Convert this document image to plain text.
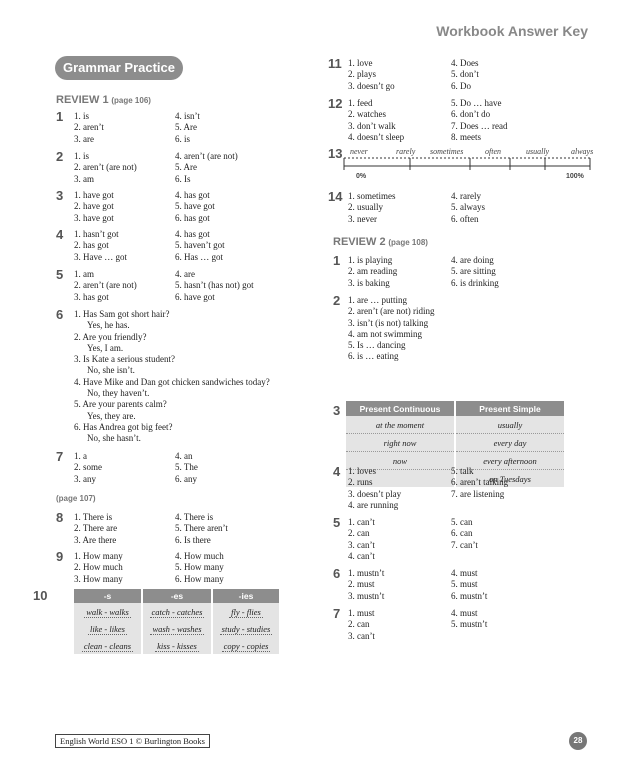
Workbook Answer Key
Grammar Practice
REVIEW 1 (page 106)
1 1. is
2. aren’t
3. are
4. isn’t
5. Are
6. is
2 1. is
2. aren’t (are not)
3. am
4. aren’t (are not)
5. Are
6. Is
3 1. have got
2. have got
3. have got
4. has got
5. have got
6. has got
4 1. hasn’t got
2. has got
3. Have … got
4. has got
5. haven’t got
6. Has … got
5 1. am
2. aren’t (are not)
3. has got
4. are
5. hasn’t (has not) got
6. have got
6 1. Has Sam got short hair?
Yes, he has.
2. Are you friendly?
Yes, I am.
3. Is Kate a serious student?
No, she isn’t.
4. Have Mike and Dan got chicken sandwiches today?
No, they haven’t.
5. Are your parents calm?
Yes, they are.
6. Has Andrea got big feet?
No, she hasn’t.
7 1. a
2. some
3. any
4. an
5. The
6. any
(page 107)
8 1. There is
2. There are
3. Are there
4. There is
5. There aren’t
6. Is there
9 1. How many
2. How much
3. How many
4. How much
5. How many
6. How many
10	-s	-es	-ies
walk - walks	catch - catches	fly - flies
like - likes	wash - washes	study - studies
clean - cleans	kiss - kisses	copy - copies
11 1. love
2. plays
3. doesn’t go
4. Does
5. don’t
6. Do
12 1. feed
2. watches
3. don’t walk
4. doesn’t sleep
5. Do … have
6. don’t do
7. Does … read
8. meets
13 never	rarely sometimes	often	usually	always
0%	100%
14 1. sometimes
2. usually
3. never
4. rarely
5. always
6. often
REVIEW 2 (page 108)
1 1. is playing
2. am reading
3. is baking
4. are doing
5. are sitting
6. is drinking
2 1. are … putting
2. aren’t (are not) riding
3. isn’t (is not) talking
4. am not swimming
5. Is … dancing
6. is … eating
3 Present Continuous	Present Simple
at the moment	usually
right now	every day
now	every afternoon
	on Tuesdays
4 1. loves
2. runs
3. doesn’t play
4. are running
5. talk
6. aren’t talking
7. are listening
5 1. can’t
2. can
3. can’t
4. can’t
5. can
6. can
7. can’t
6 1. mustn’t
2. must
3. mustn’t
4. must
5. must
6. mustn’t
7 1. must
2. can
3. can’t
4. must
5. mustn’t
English World ESO 1 © Burlington Books	28
